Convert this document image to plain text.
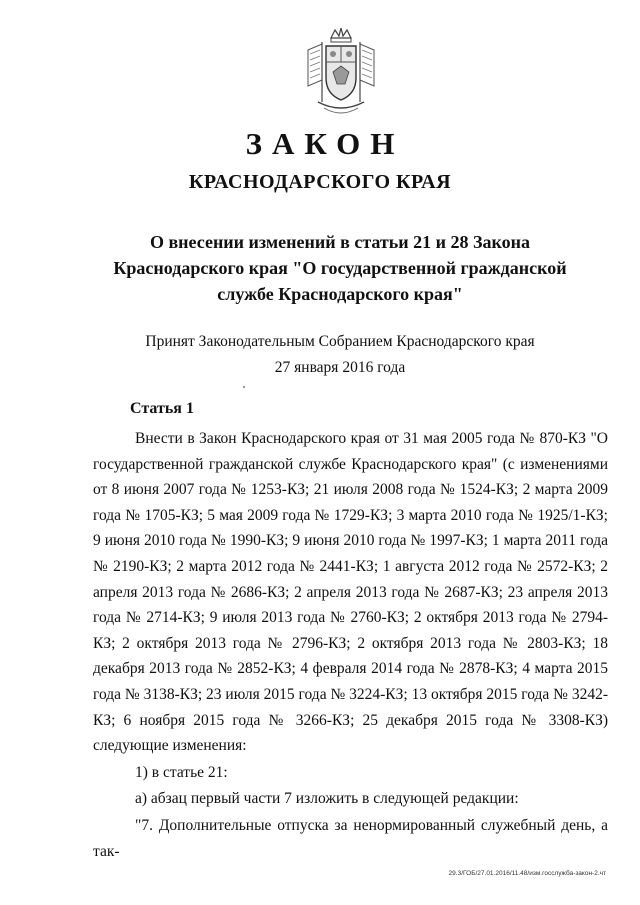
ЗАКОН
КРАСНОДАРСКОГО КРАЯ
О внесении изменений в статьи 21 и 28 Закона Краснодарского края "О государственной гражданской службе Краснодарского края"
Принят Законодательным Собранием Краснодарского края
27 января 2016 года
Статья 1

Внести в Закон Краснодарского края от 31 мая 2005 года № 870-КЗ "О государственной гражданской службе Краснодарского края" (с изменениями от 8 июня 2007 года № 1253-КЗ; 21 июля 2008 года № 1524-КЗ; 2 марта 2009 года № 1705-КЗ; 5 мая 2009 года № 1729-КЗ; 3 марта 2010 года № 1925/1-КЗ; 9 июня 2010 года № 1990-КЗ; 9 июня 2010 года № 1997-КЗ; 1 марта 2011 года № 2190-КЗ; 2 марта 2012 года № 2441-КЗ; 1 августа 2012 года № 2572-КЗ; 2 апреля 2013 года № 2686-КЗ; 2 апреля 2013 года № 2687-КЗ; 23 апреля 2013 года № 2714-КЗ; 9 июля 2013 года № 2760-КЗ; 2 октября 2013 года № 2794-КЗ; 2 октября 2013 года № 2796-КЗ; 2 октября 2013 года № 2803-КЗ; 18 декабря 2013 года № 2852-КЗ; 4 февраля 2014 года № 2878-КЗ; 4 марта 2015 года № 3138-КЗ; 23 июля 2015 года № 3224-КЗ; 13 октября 2015 года № 3242-КЗ; 6 ноября 2015 года № 3266-КЗ; 25 декабря 2015 года № 3308-КЗ) следующие изменения:

1) в статье 21:

а) абзац первый части 7 изложить в следующей редакции:

"7. Дополнительные отпуска за ненормированный служебный день, а так-

29.3/ГОБ/27.01.2016/11.48/изм.госслужба-закон-2.чт
